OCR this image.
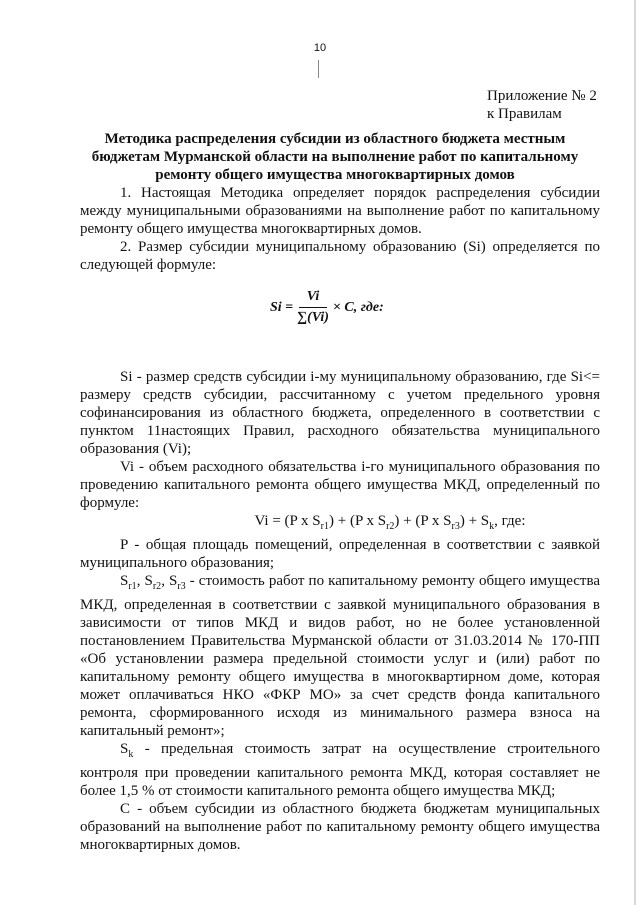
10
Приложение № 2
к Правилам
Методика распределения субсидии из областного бюджета местным бюджетам Мурманской области на выполнение работ по капитальному ремонту общего имущества многоквартирных домов

1. Настоящая Методика определяет порядок распределения субсидии между муниципальными образованиями на выполнение работ по капитальному ремонту общего имущества многоквартирных домов.

2. Размер субсидии муниципальному образованию (Si) определяется по следующей формуле:

$Si = \frac{Vi}{\sum(Vi)} \times C$, где:

Si - размер средств субсидии i-му муниципальному образованию, где Si<= размеру средств субсидии, рассчитанному с учетом предельного уровня софинансирования из областного бюджета, определенного в соответствии с пунктом 11настоящих Правил, расходного обязательства муниципального образования (Vi);

Vi - объем расходного обязательства i-го муниципального образования по проведению капитального ремонта общего имущества МКД, определенный по формуле:

Vi = (P x $S_{r1}) + (P$ x $S_{r2}) + (P$ x $S_{r3}) + S_k$, где:

P - общая площадь помещений, определенная в соответствии с заявкой муниципального образования;

$S_{r1}$, $S_{r2}$, $S_{r3}$ - стоимость работ по капитальному ремонту общего имущества МКД, определенная в соответствии с заявкой муниципального образования в зависимости от типов МКД и видов работ, но не более установленной постановлением Правительства Мурманской области от 31.03.2014 № 170-ПП «Об установлении размера предельной стоимости услуг и (или) работ по капитальному ремонту общего имущества в многоквартирном доме, которая может оплачиваться НКО «ФКР МО» за счет средств фонда капитального ремонта, сформированного исходя из минимального размера взноса на капитальный ремонт»;

$S_k$ - предельная стоимость затрат на осуществление строительного контроля при проведении капитального ремонта МКД, которая составляет не более 1,5 % от стоимости капитального ремонта общего имущества МКД;

С - объем субсидии из областного бюджета бюджетам муниципальных образований на выполнение работ по капитальному ремонту общего имущества многоквартирных домов.
